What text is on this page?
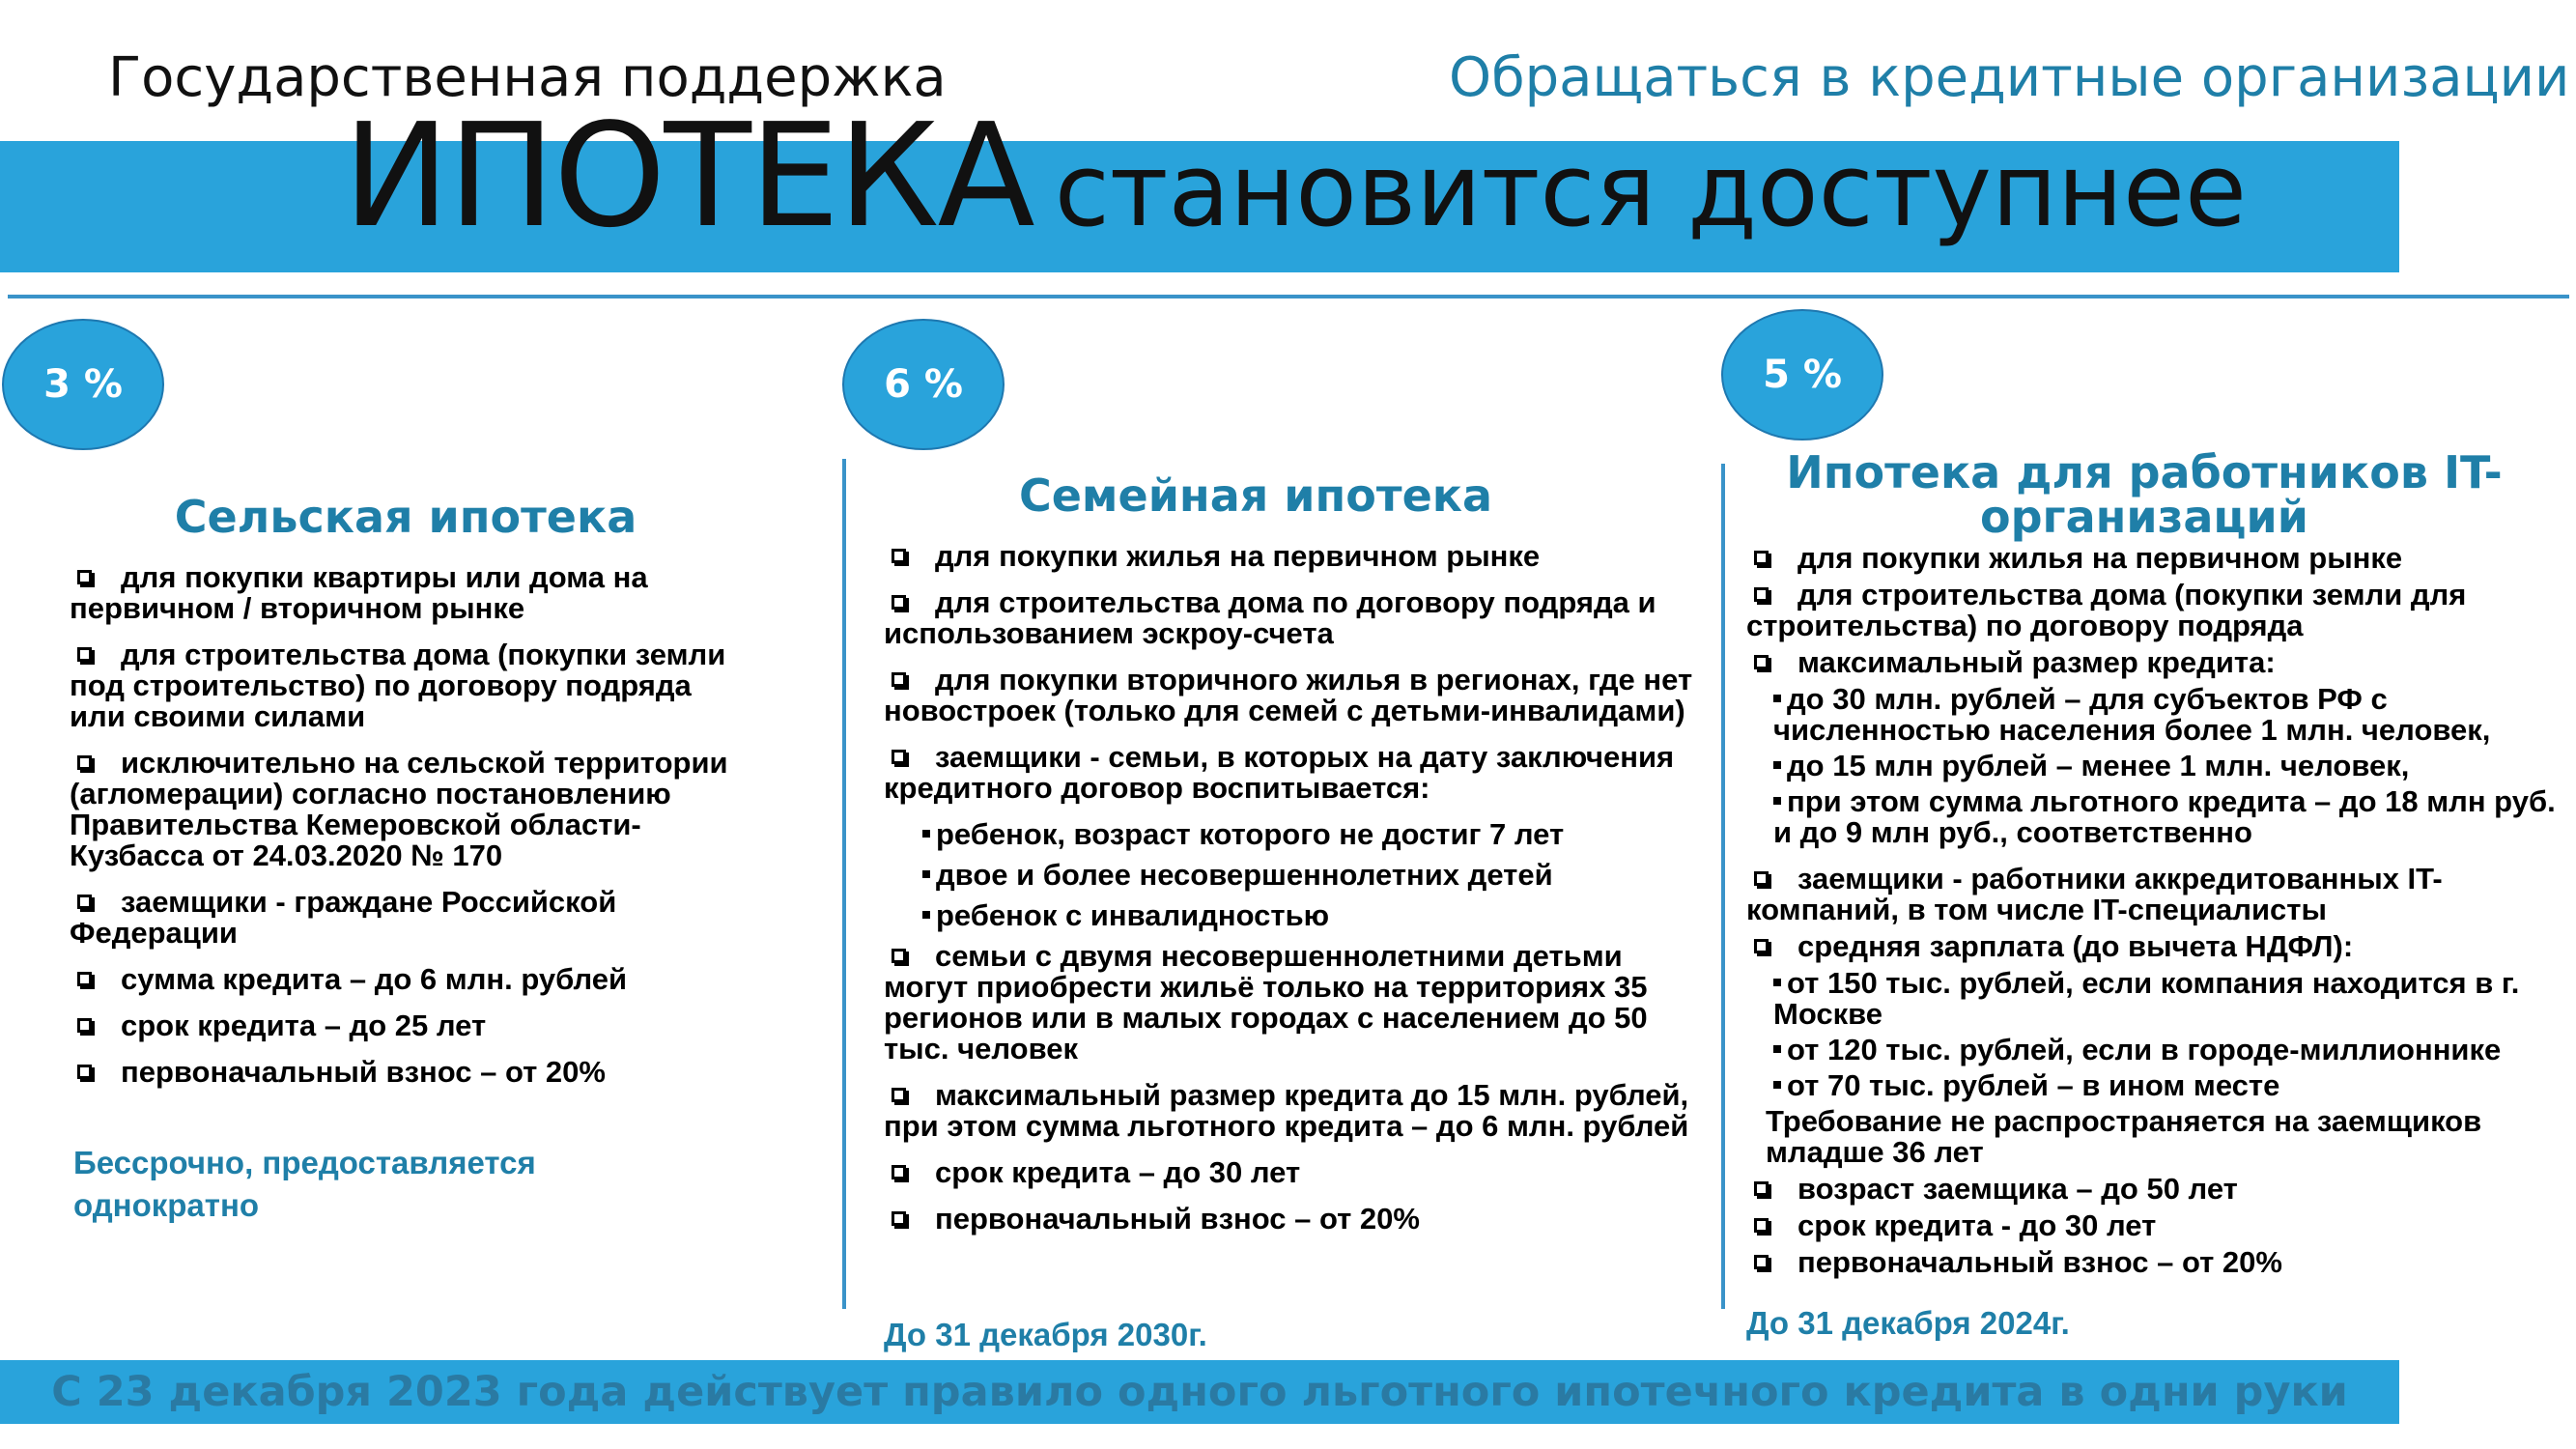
Государственная поддержка	Обращаться в кредитные организации
ИПОТЕКА становится доступнее
3 %	6 %	5 %
Сельская ипотека
для покупки квартиры или дома на первичном / вторичном рынке
для строительства дома (покупки земли под строительство) по договору подряда или своими силами
исключительно на сельской территории (агломерации) согласно постановлению Правительства Кемеровской области- Кузбасса от 24.03.2020 № 170
заемщики - граждане Российской Федерации
сумма кредита – до 6 млн. рублей
срок кредита – до 25 лет
первоначальный взнос – от 20%
Бессрочно, предоставляется однократно
Семейная ипотека
для покупки жилья на первичном рынке
для строительства дома по договору подряда и использованием эскроу-счета
для покупки вторичного жилья в регионах, где нет новостроек (только для семей с детьми-инвалидами)
заемщики - семьи, в которых на дату заключения кредитного договор воспитывается:
ребенок, возраст которого не достиг 7 лет
двое и более несовершеннолетних детей
ребенок с инвалидностью
семьи с двумя несовершеннолетними детьми могут приобрести жильё только на территориях 35 регионов или в малых городах с населением до 50 тыс. человек
максимальный размер кредита до 15 млн. рублей, при этом сумма льготного кредита – до 6 млн. рублей
срок кредита – до 30 лет
первоначальный взнос – от 20%
До 31 декабря 2030г.
Ипотека для работников IT-организаций
для покупки жилья на первичном рынке
для строительства дома (покупки земли для строительства) по договору подряда
максимальный размер кредита:
до 30 млн. рублей – для субъектов РФ с численностью населения более 1 млн. человек,
до 15 млн рублей – менее 1 млн. человек,
при этом сумма льготного кредита – до 18 млн руб. и до 9 млн руб., соответственно
заемщики - работники аккредитованных IT-компаний, в том числе IT-специалисты
средняя зарплата (до вычета НДФЛ):
от 150 тыс. рублей, если компания находится в г. Москве
от 120 тыс. рублей, если в городе-миллионнике
от 70 тыс. рублей – в ином месте
Требование не распространяется на заемщиков младше 36 лет
возраст заемщика – до 50 лет
срок кредита - до 30 лет
первоначальный взнос – от 20%
До 31 декабря 2024г.
С 23 декабря 2023 года действует правило одного льготного ипотечного кредита в одни руки
